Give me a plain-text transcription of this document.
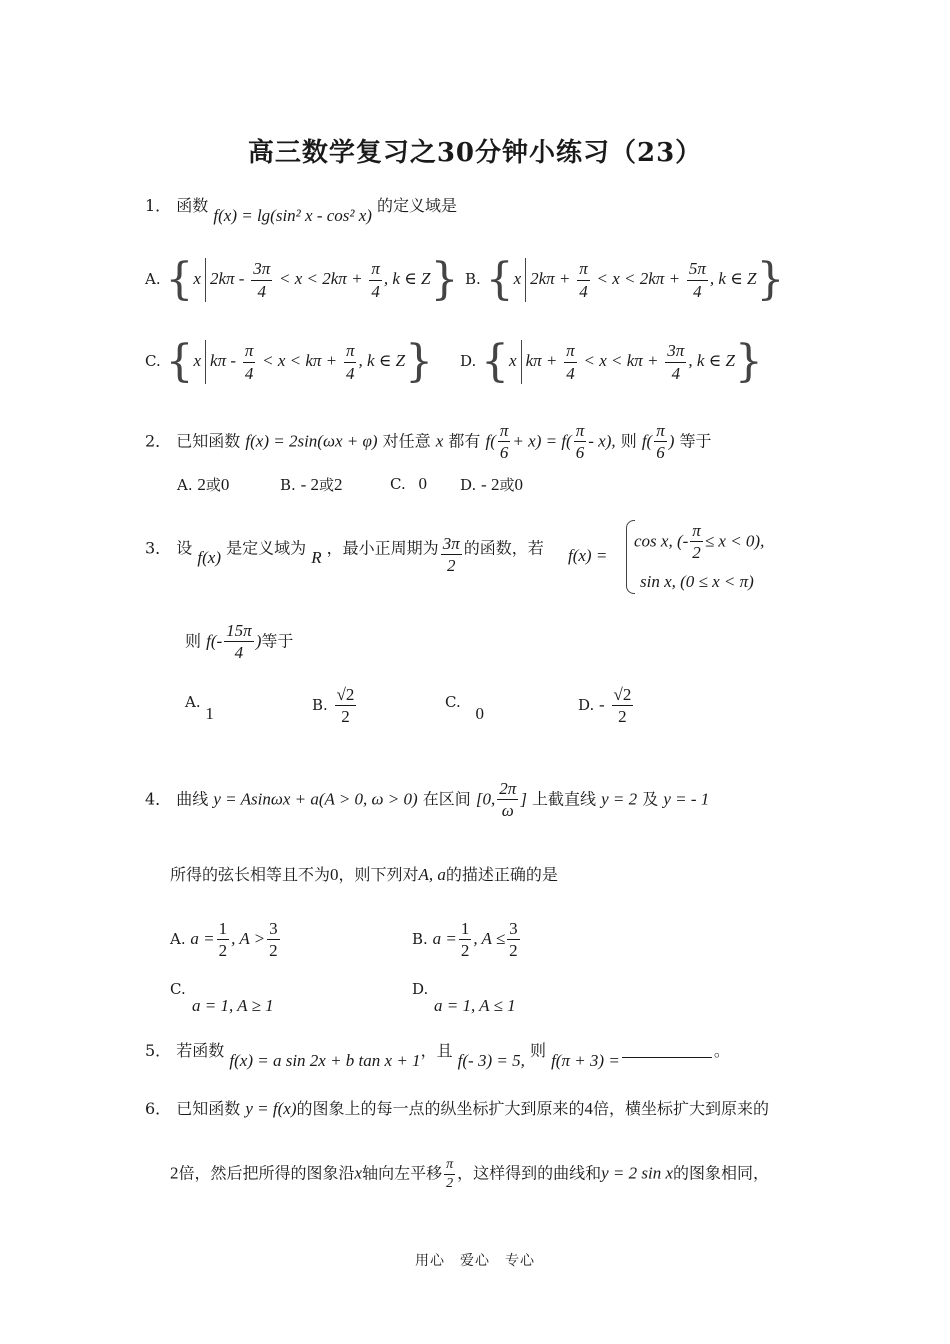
高三数学复习之30分钟小练习（23）
1． 函数 f(x) = lg(sin² x - cos² x) 的定义域是
A. {x $2k\pi - \frac{3\pi}{4} < x < 2k\pi + \frac{\pi}{4}$ , k ∈ Z} B. {x $2k\pi + \frac{\pi}{4} < x < 2k\pi + \frac{5\pi}{4}$ , k ∈ Z}
C. {x $k\pi - \frac{\pi}{4} < x < k\pi + \frac{\pi}{4}$ , k ∈ Z} D. {x $k\pi + \frac{\pi}{4} < x < k\pi + \frac{3\pi}{4}$ , k ∈ Z}
2． 已知函数 f(x) = 2sin(ωx + φ) 对任意 x 都有 $f( \frac{\pi}{6} + x) = f( \frac{\pi}{6} - x)$, 则 $f( \frac{\pi}{6}$ ) 等于
A. 2或0	B. - 2或2	C. 0 D. - 2或0
3． 设 f(x) 是定义域为 R ，最小正周期为 $\frac{3\pi}{2}$ 的函数，若 f(x) =
cos x, (- $\frac{\pi}{2} \le x < 0$),
sin x, (0 ≤ x < π)
则 $f(- \frac{15\pi}{4}$ )等于
A. 1	B. $\frac{√2}{2}$	C. 0	D. - $\frac{√2}{2}$
4． 曲线 y = Asinωx + a(A > 0, ω > 0) 在区间 [0, $\frac{2\pi}{\omega}$ ] 上截直线 y = 2 及 y = - 1
所得的弦长相等且不为0，则下列对A, a的描述正确的是
A. $a = \frac{1}{2}$ , $A > \frac{3}{2}$	B. $a = \frac{1}{2}$ , $A \le \frac{3}{2}$
C.
a = 1, A ≥ 1
D.
a = 1, A ≤ 1
5． 若函数 f(x) = a sin 2x + b tan x + 1，且 f(- 3) = 5, 则 f(π + 3) =。
6． 已知函数 y = f(x)的图象上的每一点的纵坐标扩大到原来的4倍，横坐标扩大到原来的
2倍，然后把所得的图象沿x轴向左平移 $\frac{\pi}{2}$ ，这样得到的曲线和y = 2 sin x的图象相同，
用心　爱心　专心
